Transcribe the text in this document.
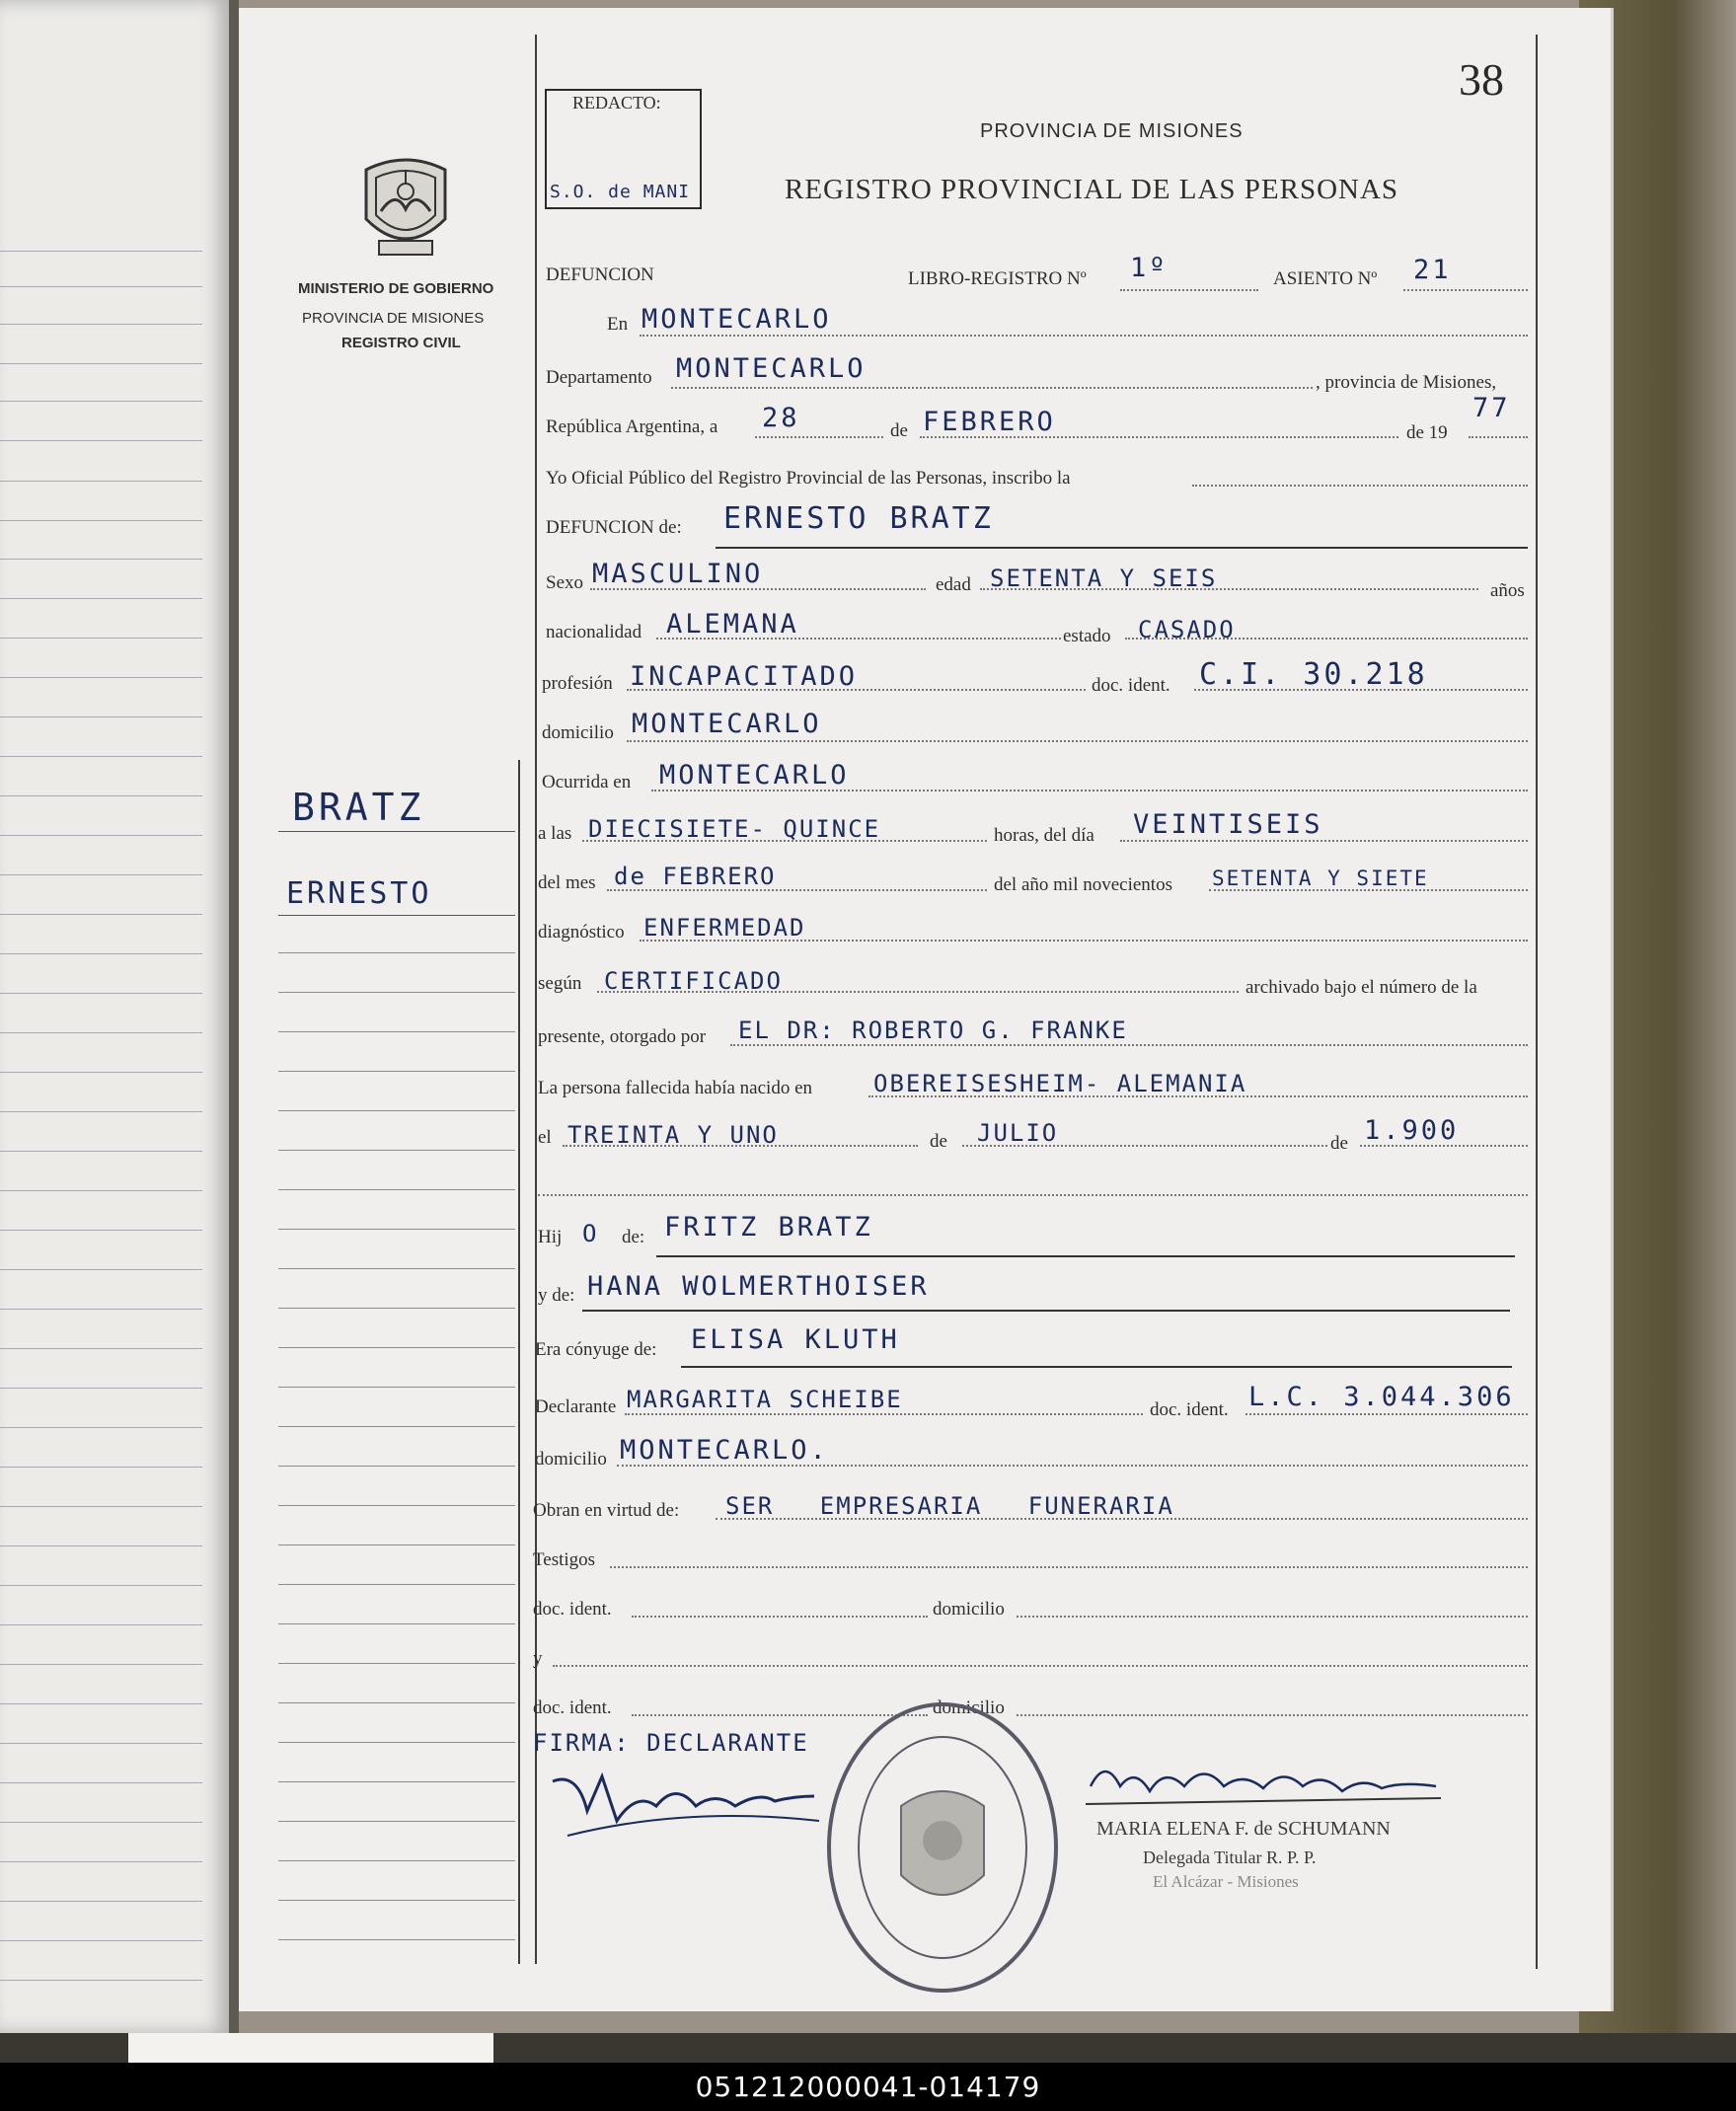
38
REDACTO:
S.O. de MANI
PROVINCIA DE MISIONES
REGISTRO PROVINCIAL DE LAS PERSONAS
MINISTERIO DE GOBIERNO
PROVINCIA DE MISIONES
REGISTRO CIVIL
BRATZ
ERNESTO
DEFUNCION	LIBRO-REGISTRO Nº 1º	ASIENTO Nº 21
En MONTECARLO
Departamento MONTECARLO	, provincia de Misiones,
República Argentina, a 28	de FEBRERO	de 19
77
Yo Oficial Público del Registro Provincial de las Personas, inscribo la
DEFUNCION de: ERNESTO BRATZ
Sexo MASCULINO	edad SETENTA Y SEIS	años
nacionalidad ALEMANA	estado CASADO
profesión INCAPACITADO	doc. ident. C.I. 30.218
domicilio MONTECARLO
Ocurrida en MONTECARLO
a las DIECISIETE- QUINCE	horas, del día VEINTISEIS
del mes de FEBRERO	del año mil novecientos SETENTA Y SIETE
diagnóstico ENFERMEDAD
según CERTIFICADO	archivado bajo el número de la
presente, otorgado por EL DR: ROBERTO G. FRANKE
La persona fallecida había nacido en	OBEREISESHEIM- ALEMANIA
el TREINTA Y UNO	de JULIO	de 1.900
Hij O de: FRITZ BRATZ
y de: HANA WOLMERTHOISER
Era cónyuge de: ELISA KLUTH
Declarante MARGARITA SCHEIBE	doc. ident. L.C. 3.044.306
domicilio MONTECARLO.
Obran en virtud de: SER EMPRESARIA FUNERARIA
Testigos
doc. ident.	domicilio
y
doc. ident.	domicilio
FIRMA: DECLARANTE
MARIA ELENA F. de SCHUMANN
Delegada Titular R. P. P.
El Alcázar - Misiones
051212000041-014179
